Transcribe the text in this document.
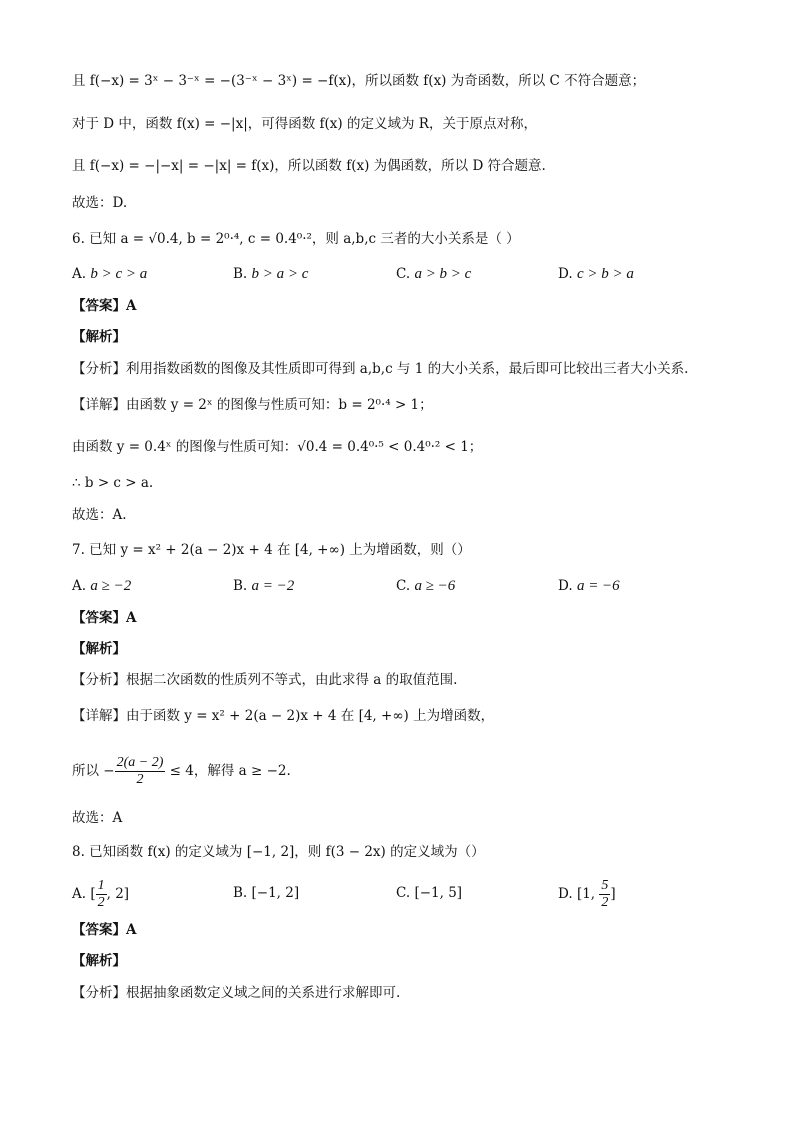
且 f(−x) = 3ˣ − 3⁻ˣ = −(3⁻ˣ − 3ˣ) = −f(x)，所以函数 f(x) 为奇函数，所以 C 不符合题意；
对于 D 中，函数 f(x) = −|x|，可得函数 f(x) 的定义域为 R，关于原点对称，
且 f(−x) = −|−x| = −|x| = f(x)，所以函数 f(x) 为偶函数，所以 D 符合题意.
故选：D.
6. 已知 a = √0.4, b = 2⁰·⁴, c = 0.4⁰·²，则 a,b,c 三者的大小关系是（ ）
A. b > c > a	B. b > a > c	C. a > b > c	D. c > b > a
【答案】A
【解析】
【分析】利用指数函数的图像及其性质即可得到 a,b,c 与 1 的大小关系，最后即可比较出三者大小关系.
【详解】由函数 y = 2ˣ 的图像与性质可知：b = 2⁰·⁴ > 1；
由函数 y = 0.4ˣ 的图像与性质可知：√0.4 = 0.4⁰·⁵ < 0.4⁰·² < 1；
∴ b > c > a.
故选：A.
7. 已知 y = x² + 2(a − 2)x + 4 在 [4, +∞) 上为增函数，则（）
A. a ≥ −2	B. a = −2	C. a ≥ −6	D. a = −6
【答案】A
【解析】
【分析】根据二次函数的性质列不等式，由此求得 a 的取值范围.
【详解】由于函数 y = x² + 2(a − 2)x + 4 在 [4, +∞) 上为增函数，
所以 − $\frac{2(a - 2)}{2} \le 4$，解得 a ≥ −2.
故选：A
8. 已知函数 f(x) 的定义域为 [−1, 2]，则 f(3 − 2x) 的定义域为（）
A. [ $\frac{1}{2}$ , 2]	B. [−1, 2]	C. [−1, 5]	D. [1, $\frac{5}{2}$ ]
【答案】A
【解析】
【分析】根据抽象函数定义域之间的关系进行求解即可.
